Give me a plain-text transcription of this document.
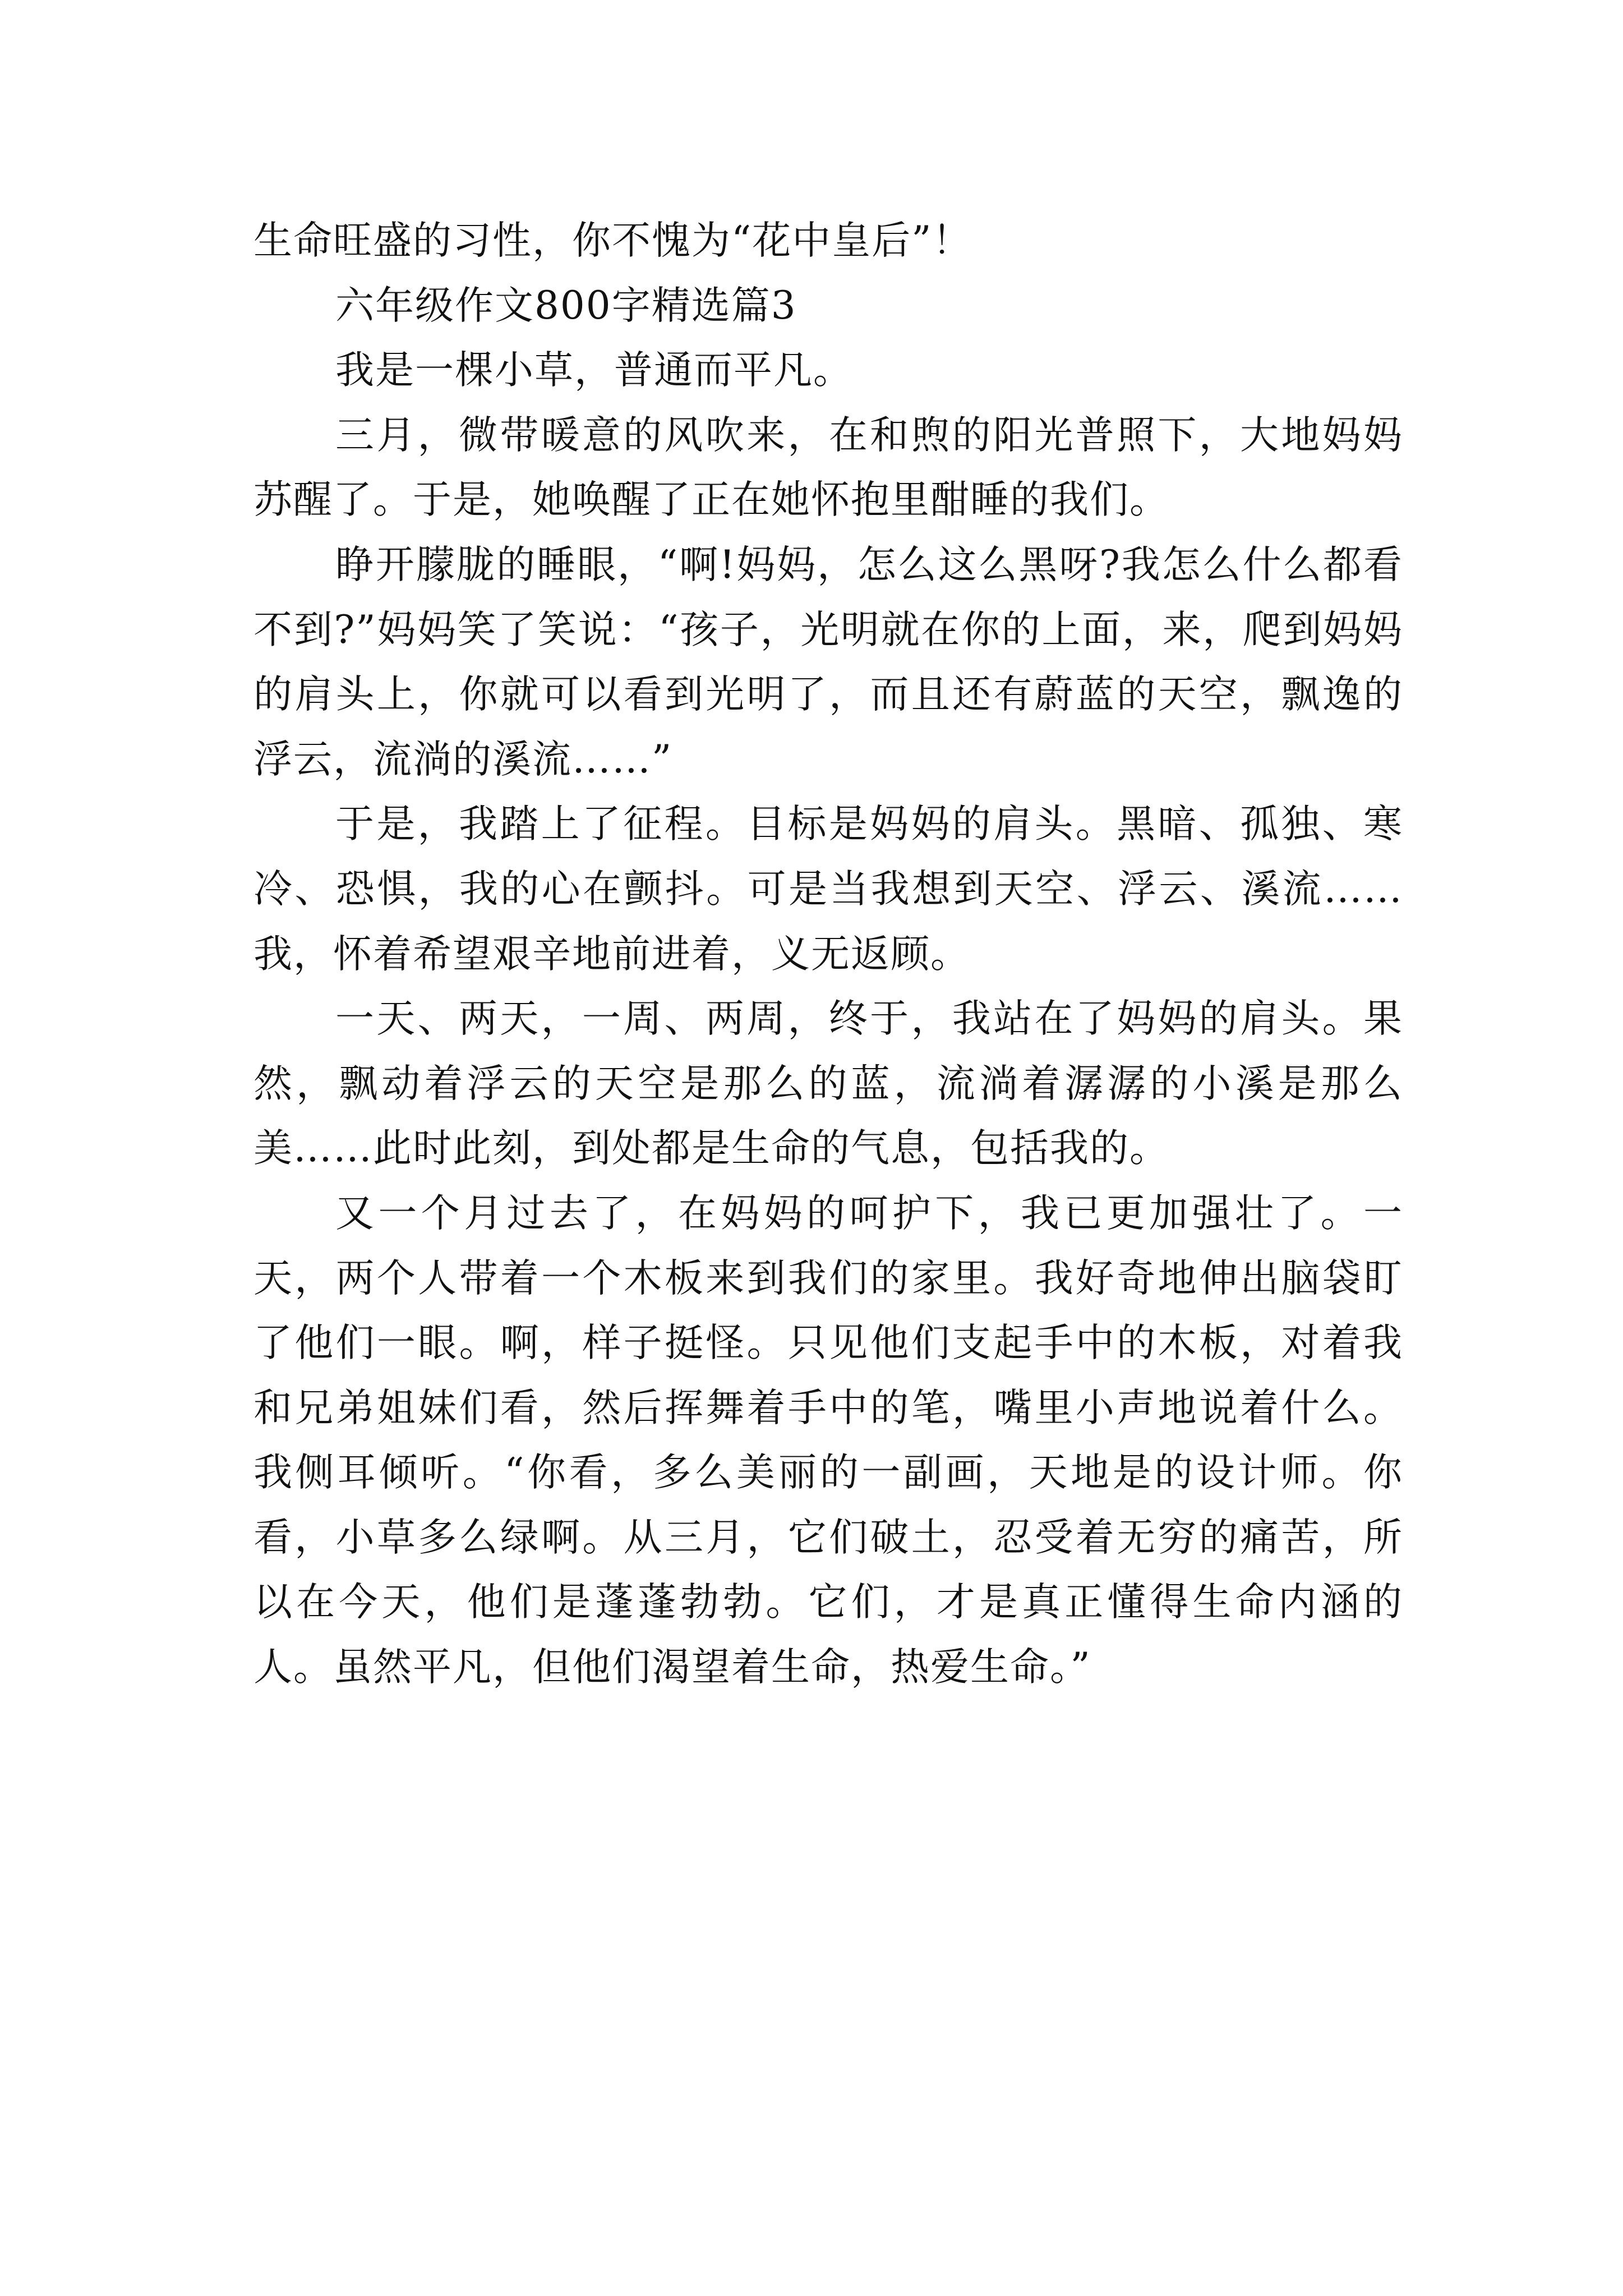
生命旺盛的习性，你不愧为“花中皇后”！

六年级作文800字精选篇3

我是一棵小草，普通而平凡。

三月，微带暖意的风吹来，在和煦的阳光普照下，大地妈妈苏醒了。于是，她唤醒了正在她怀抱里酣睡的我们。

睁开朦胧的睡眼，“啊!妈妈，怎么这么黑呀?我怎么什么都看不到?”妈妈笑了笑说：“孩子，光明就在你的上面，来，爬到妈妈的肩头上，你就可以看到光明了，而且还有蔚蓝的天空，飘逸的浮云，流淌的溪流……”

于是，我踏上了征程。目标是妈妈的肩头。黑暗、孤独、寒冷、恐惧，我的心在颤抖。可是当我想到天空、浮云、溪流……我，怀着希望艰辛地前进着，义无返顾。

一天、两天，一周、两周，终于，我站在了妈妈的肩头。果然，飘动着浮云的天空是那么的蓝，流淌着潺潺的小溪是那么美……此时此刻，到处都是生命的气息，包括我的。

又一个月过去了，在妈妈的呵护下，我已更加强壮了。一天，两个人带着一个木板来到我们的家里。我好奇地伸出脑袋盯了他们一眼。啊，样子挺怪。只见他们支起手中的木板，对着我和兄弟姐妹们看，然后挥舞着手中的笔，嘴里小声地说着什么。我侧耳倾听。“你看，多么美丽的一副画，天地是的设计师。你看，小草多么绿啊。从三月，它们破土，忍受着无穷的痛苦，所以在今天，他们是蓬蓬勃勃。它们，才是真正懂得生命内涵的人。虽然平凡，但他们渴望着生命，热爱生命。”
